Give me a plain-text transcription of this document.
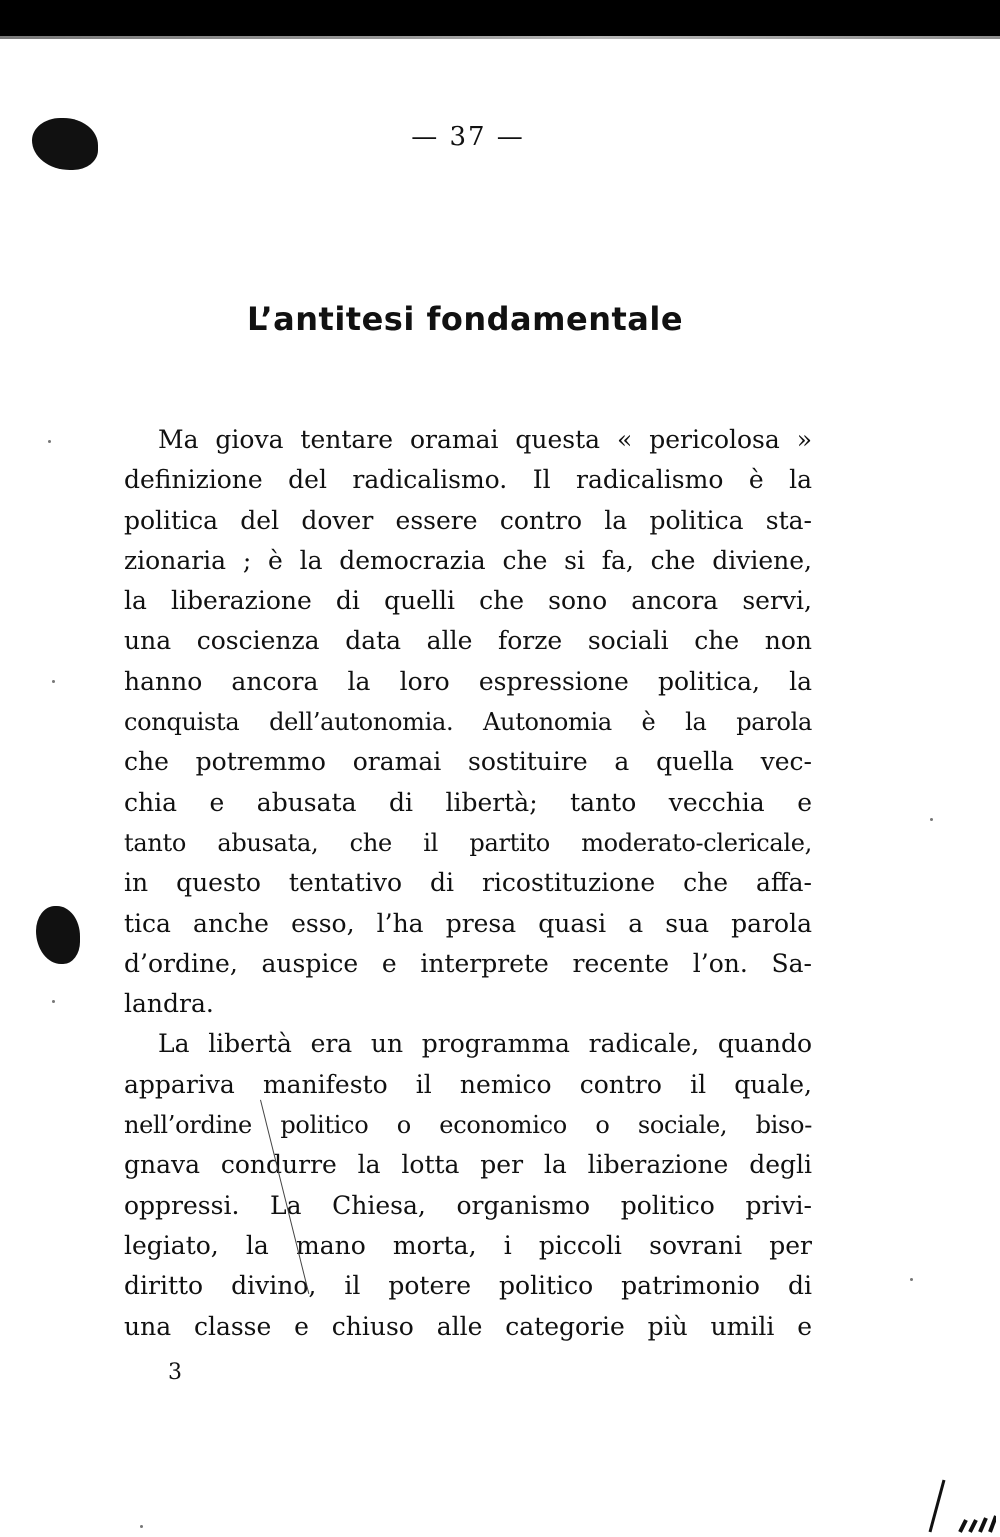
— 37 —
L’antitesi fondamentale
Ma giova tentare oramai questa « pericolosa »
definizione del radicalismo. Il radicalismo è la
politica del dover essere contro la politica sta-
zionaria ; è la democrazia che si fa, che diviene,
la liberazione di quelli che sono ancora servi,
una coscienza data alle forze sociali che non
hanno ancora la loro espressione politica, la
conquista dell’autonomia. Autonomia è la parola
che potremmo oramai sostituire a quella vec-
chia e abusata di libertà; tanto vecchia e
tanto abusata, che il partito moderato-clericale,
in questo tentativo di ricostituzione che affa-
tica anche esso, l’ha presa quasi a sua parola
d’ordine, auspice e interprete recente l’on. Sa-
landra.
La libertà era un programma radicale, quando
appariva manifesto il nemico contro il quale,
nell’ordine politico o economico o sociale, biso-
gnava condurre la lotta per la liberazione degli
oppressi. La Chiesa, organismo politico privi-
legiato, la mano morta, i piccoli sovrani per
diritto divino, il potere politico patrimonio di
una classe e chiuso alle categorie più umili e
3
